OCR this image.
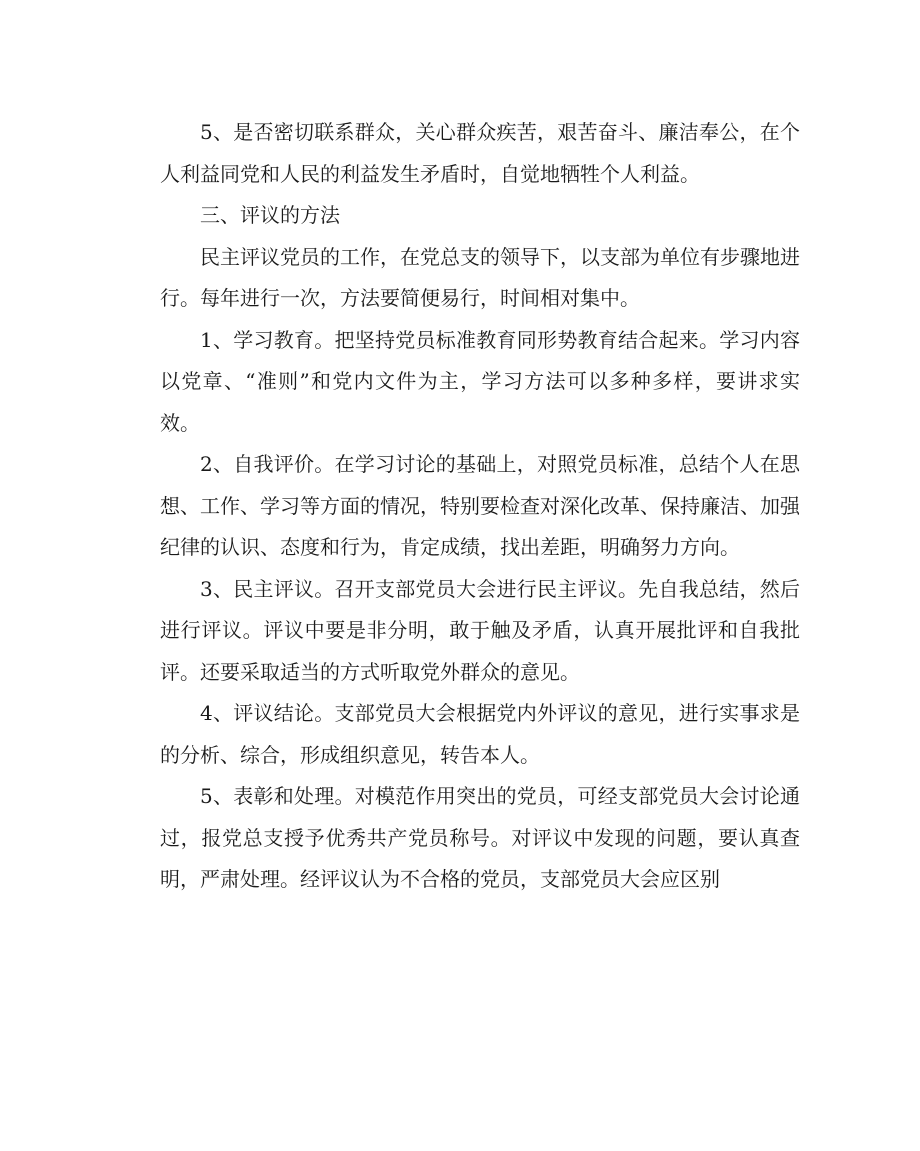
5、是否密切联系群众，关心群众疾苦，艰苦奋斗、廉洁奉公，在个人利益同党和人民的利益发生矛盾时，自觉地牺牲个人利益。

三、评议的方法

民主评议党员的工作，在党总支的领导下，以支部为单位有步骤地进行。每年进行一次，方法要简便易行，时间相对集中。

1、学习教育。把坚持党员标准教育同形势教育结合起来。学习内容以党章、“准则”和党内文件为主，学习方法可以多种多样，要讲求实效。

2、自我评价。在学习讨论的基础上，对照党员标准，总结个人在思想、工作、学习等方面的情况，特别要检查对深化改革、保持廉洁、加强纪律的认识、态度和行为，肯定成绩，找出差距，明确努力方向。

3、民主评议。召开支部党员大会进行民主评议。先自我总结，然后进行评议。评议中要是非分明，敢于触及矛盾，认真开展批评和自我批评。还要采取适当的方式听取党外群众的意见。

4、评议结论。支部党员大会根据党内外评议的意见，进行实事求是的分析、综合，形成组织意见，转告本人。

5、表彰和处理。对模范作用突出的党员，可经支部党员大会讨论通过，报党总支授予优秀共产党员称号。对评议中发现的问题，要认真查明，严肃处理。经评议认为不合格的党员，支部党员大会应区别
